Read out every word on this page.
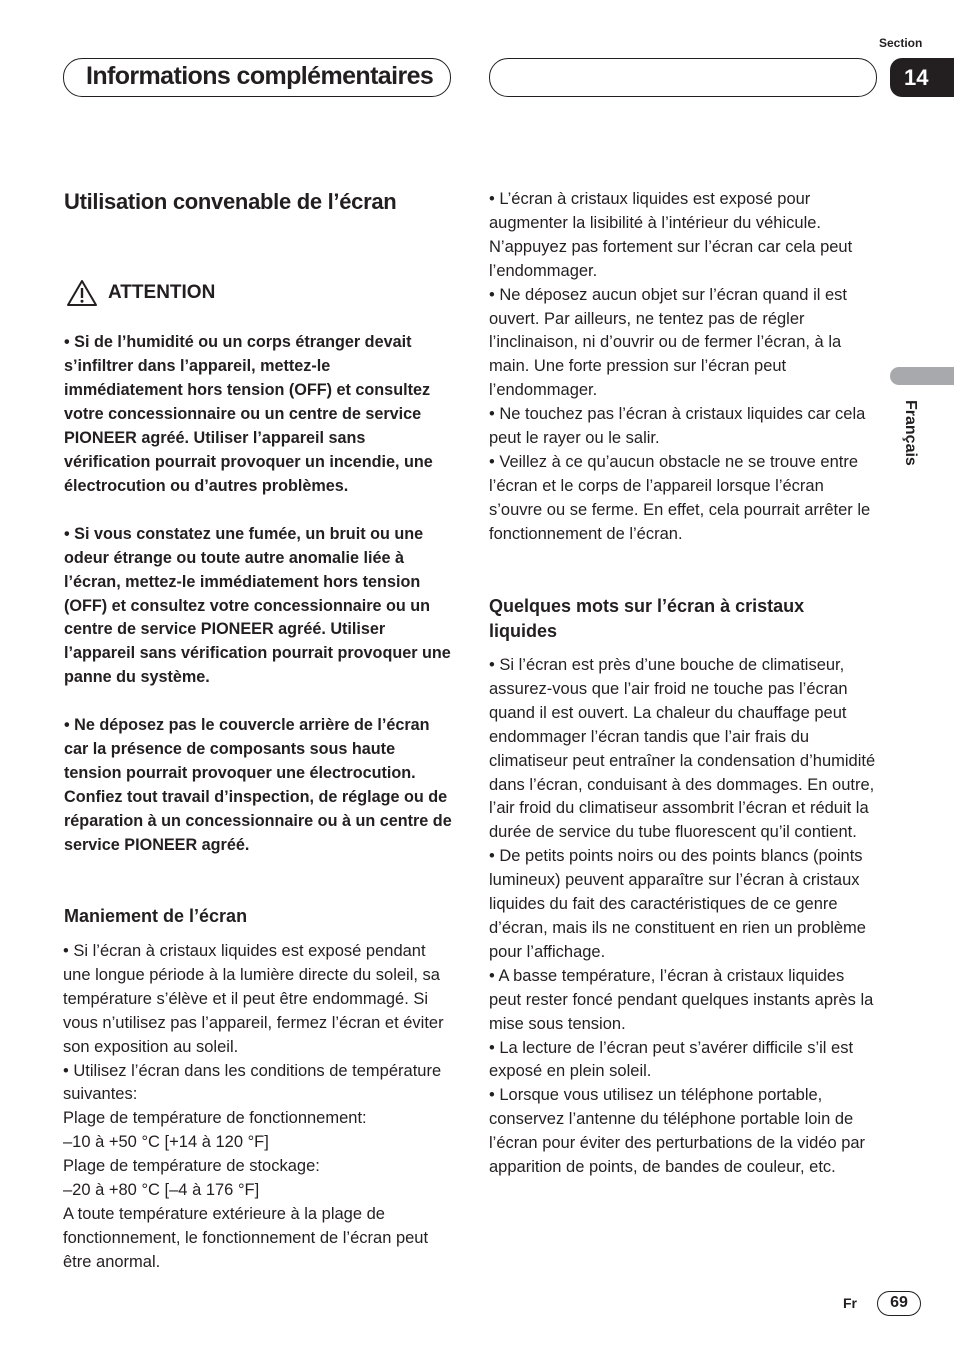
Informations complémentaires
Section
14
Français
Utilisation convenable de l’écran
ATTENTION

• Si de l’humidité ou un corps étranger devait s’infiltrer dans l’appareil, mettez-le immédiatement hors tension (OFF) et consultez votre concessionnaire ou un centre de service PIONEER agréé. Utiliser l’appareil sans vérification pourrait provoquer un incendie, une électrocution ou d’autres problèmes.

• Si vous constatez une fumée, un bruit ou une odeur étrange ou toute autre anomalie liée à l’écran, mettez-le immédiatement hors tension (OFF) et consultez votre concessionnaire ou un centre de service PIONEER agréé. Utiliser l’appareil sans vérification pourrait provoquer une panne du système.

• Ne déposez pas le couvercle arrière de l’écran car la présence de composants sous haute tension pourrait provoquer une électrocution. Confiez tout travail d’inspection, de réglage ou de réparation à un concessionnaire ou à un centre de service PIONEER agréé.

Maniement de l’écran

• Si l’écran à cristaux liquides est exposé pendant une longue période à la lumière directe du soleil, sa température s’élève et il peut être endommagé. Si vous n’utilisez pas l’appareil, fermez l’écran et éviter son exposition au soleil.

• Utilisez l’écran dans les conditions de température suivantes:

Plage de température de fonctionnement:

–10 à +50 °C [+14 à 120 °F]

Plage de température de stockage:

–20 à +80 °C [–4 à 176 °F]

A toute température extérieure à la plage de fonctionnement, le fonctionnement de l’écran peut être anormal.

• L’écran à cristaux liquides est exposé pour augmenter la lisibilité à l’intérieur du véhicule. N’appuyez pas fortement sur l’écran car cela peut l’endommager.

• Ne déposez aucun objet sur l’écran quand il est ouvert. Par ailleurs, ne tentez pas de régler l’inclinaison, ni d’ouvrir ou de fermer l’écran, à la main. Une forte pression sur l’écran peut l’endommager.

• Ne touchez pas l’écran à cristaux liquides car cela peut le rayer ou le salir.

• Veillez à ce qu’aucun obstacle ne se trouve entre l’écran et le corps de l’appareil lorsque l’écran s’ouvre ou se ferme. En effet, cela pourrait arrêter le fonctionnement de l’écran.

Quelques mots sur l’écran à cristaux liquides

• Si l’écran est près d’une bouche de climatiseur, assurez-vous que l’air froid ne touche pas l’écran quand il est ouvert. La chaleur du chauffage peut endommager l’écran tandis que l’air frais du climatiseur peut entraîner la condensation d’humidité dans l’écran, conduisant à des dommages. En outre, l’air froid du climatiseur assombrit l’écran et réduit la durée de service du tube fluorescent qu’il contient.

• De petits points noirs ou des points blancs (points lumineux) peuvent apparaître sur l’écran à cristaux liquides du fait des caractéristiques de ce genre d’écran, mais ils ne constituent en rien un problème pour l’affichage.

• A basse température, l’écran à cristaux liquides peut rester foncé pendant quelques instants après la mise sous tension.

• La lecture de l’écran peut s’avérer difficile s’il est exposé en plein soleil.

• Lorsque vous utilisez un téléphone portable, conservez l’antenne du téléphone portable loin de l’écran pour éviter des perturbations de la vidéo par apparition de points, de bandes de couleur, etc.

Fr	69
